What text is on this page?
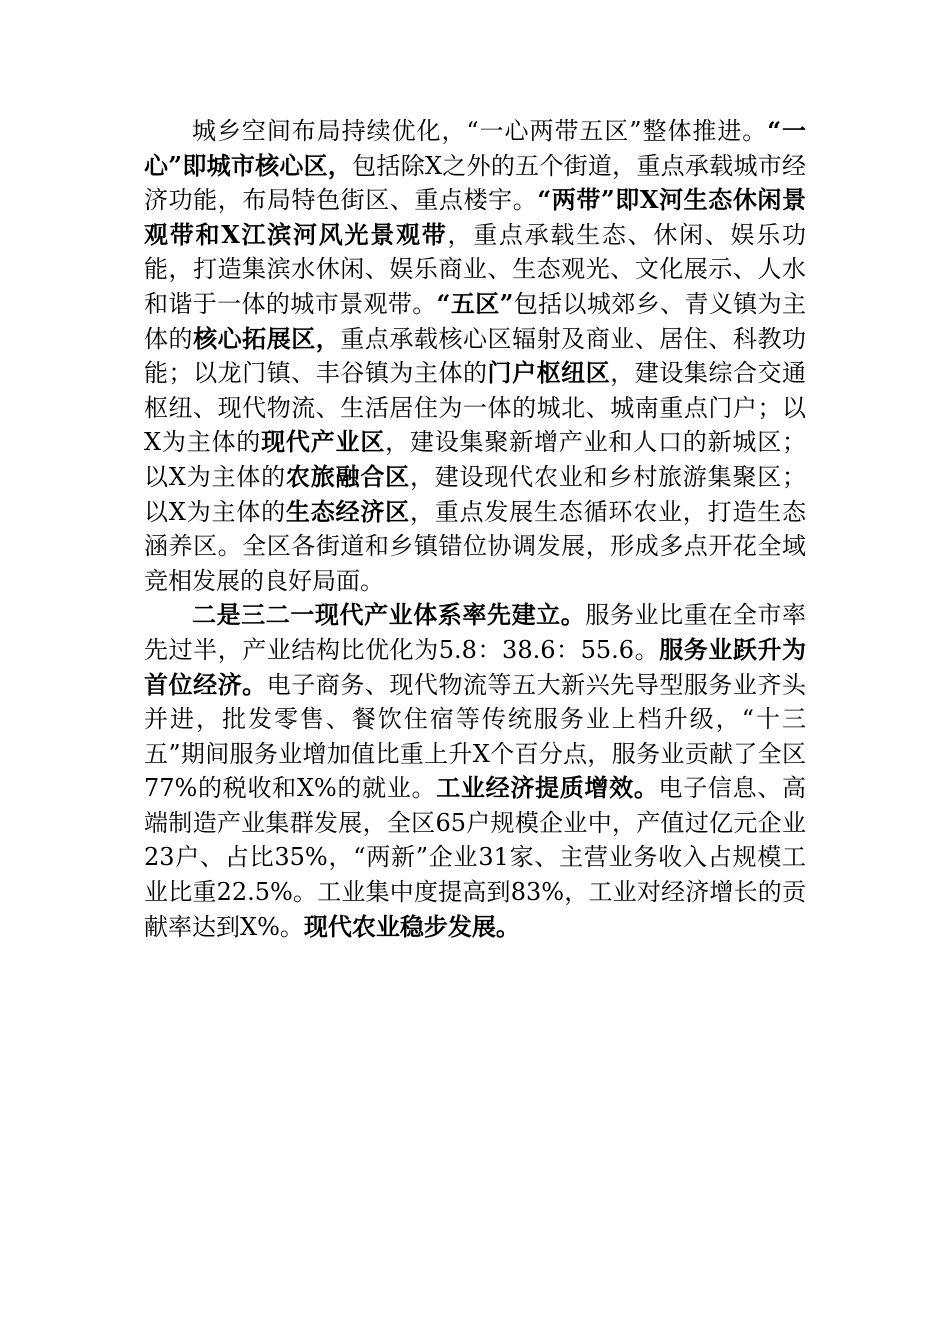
城乡空间布局持续优化，“一心两带五区”整体推进。“一心”即城市核心区，包括除X之外的五个街道，重点承载城市经济功能，布局特色街区、重点楼宇。“两带”即X河生态休闲景观带和X江滨河风光景观带，重点承载生态、休闲、娱乐功能，打造集滨水休闲、娱乐商业、生态观光、文化展示、人水和谐于一体的城市景观带。“五区”包括以城郊乡、青义镇为主体的核心拓展区，重点承载核心区辐射及商业、居住、科教功能；以龙门镇、丰谷镇为主体的门户枢纽区，建设集综合交通枢纽、现代物流、生活居住为一体的城北、城南重点门户；以X为主体的现代产业区，建设集聚新增产业和人口的新城区；以X为主体的农旅融合区，建设现代农业和乡村旅游集聚区；以X为主体的生态经济区，重点发展生态循环农业，打造生态涵养区。全区各街道和乡镇错位协调发展，形成多点开花全域竞相发展的良好局面。

二是三二一现代产业体系率先建立。服务业比重在全市率先过半，产业结构比优化为5.8：38.6：55.6。服务业跃升为首位经济。电子商务、现代物流等五大新兴先导型服务业齐头并进，批发零售、餐饮住宿等传统服务业上档升级，“十三五”期间服务业增加值比重上升X个百分点，服务业贡献了全区77%的税收和X%的就业。工业经济提质增效。电子信息、高端制造产业集群发展，全区65户规模企业中，产值过亿元企业23户、占比35%，“两新”企业31家、主营业务收入占规模工业比重22.5%。工业集中度提高到83%，工业对经济增长的贡献率达到X%。现代农业稳步发展。
